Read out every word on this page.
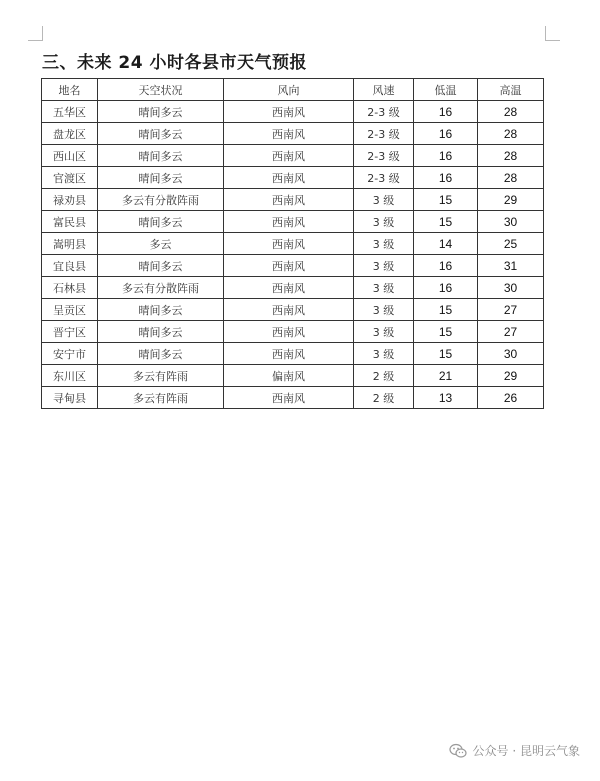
三、未来 24 小时各县市天气预报
地名	天空状况	风向	风速	低温	高温
五华区	晴间多云	西南风	2-3 级	16	28
盘龙区	晴间多云	西南风	2-3 级	16	28
西山区	晴间多云	西南风	2-3 级	16	28
官渡区	晴间多云	西南风	2-3 级	16	28
禄劝县	多云有分散阵雨	西南风	3 级	15	29
富民县	晴间多云	西南风	3 级	15	30
嵩明县	多云	西南风	3 级	14	25
宜良县	晴间多云	西南风	3 级	16	31
石林县	多云有分散阵雨	西南风	3 级	16	30
呈贡区	晴间多云	西南风	3 级	15	27
晋宁区	晴间多云	西南风	3 级	15	27
安宁市	晴间多云	西南风	3 级	15	30
东川区	多云有阵雨	偏南风	2 级	21	29
寻甸县	多云有阵雨	西南风	2 级	13	26
公众号 · 昆明云气象
